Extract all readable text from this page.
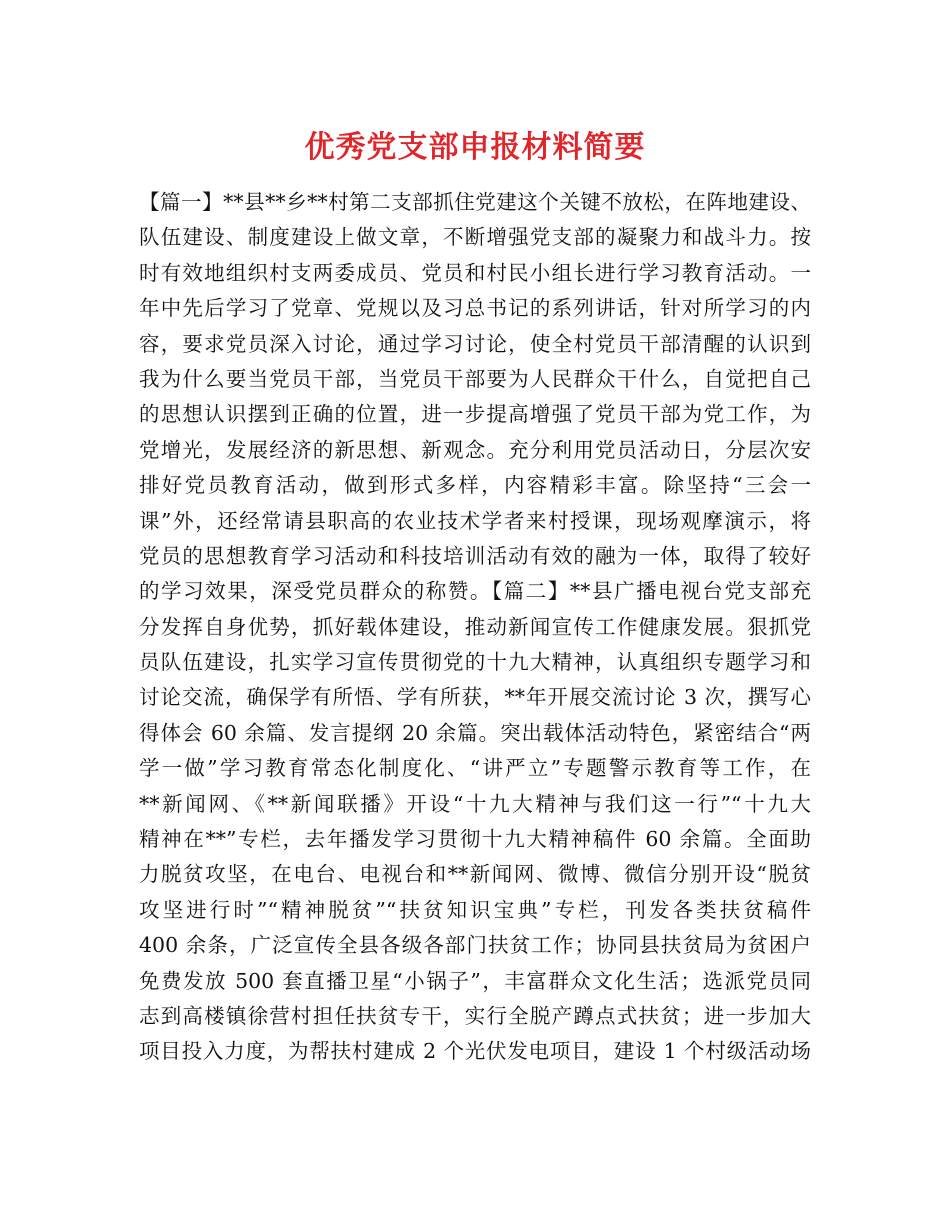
优秀党支部申报材料简要
【篇一】**县**乡**村第二支部抓住党建这个关键不放松，在阵地建设、
队伍建设、制度建设上做文章，不断增强党支部的凝聚力和战斗力。按
时有效地组织村支两委成员、党员和村民小组长进行学习教育活动。一
年中先后学习了党章、党规以及习总书记的系列讲话，针对所学习的内
容，要求党员深入讨论，通过学习讨论，使全村党员干部清醒的认识到
我为什么要当党员干部，当党员干部要为人民群众干什么，自觉把自己
的思想认识摆到正确的位置，进一步提高增强了党员干部为党工作，为
党增光，发展经济的新思想、新观念。充分利用党员活动日，分层次安
排好党员教育活动，做到形式多样，内容精彩丰富。除坚持“三会一
课”外，还经常请县职高的农业技术学者来村授课，现场观摩演示，将
党员的思想教育学习活动和科技培训活动有效的融为一体，取得了较好
的学习效果，深受党员群众的称赞。【篇二】**县广播电视台党支部充
分发挥自身优势，抓好载体建设，推动新闻宣传工作健康发展。狠抓党
员队伍建设，扎实学习宣传贯彻党的十九大精神，认真组织专题学习和
讨论交流，确保学有所悟、学有所获，**年开展交流讨论 3 次，撰写心
得体会 60 余篇、发言提纲 20 余篇。突出载体活动特色，紧密结合“两
学一做”学习教育常态化制度化、“讲严立”专题警示教育等工作，在
**新闻网、《**新闻联播》开设“十九大精神与我们这一行”“十九大
精神在**”专栏，去年播发学习贯彻十九大精神稿件 60 余篇。全面助
力脱贫攻坚，在电台、电视台和**新闻网、微博、微信分别开设“脱贫
攻坚进行时”“精神脱贫”“扶贫知识宝典”专栏，刊发各类扶贫稿件
400 余条，广泛宣传全县各级各部门扶贫工作；协同县扶贫局为贫困户
免费发放 500 套直播卫星“小锅子”，丰富群众文化生活；选派党员同
志到高楼镇徐营村担任扶贫专干，实行全脱产蹲点式扶贫；进一步加大
项目投入力度，为帮扶村建成 2 个光伏发电项目，建设 1 个村级活动场
